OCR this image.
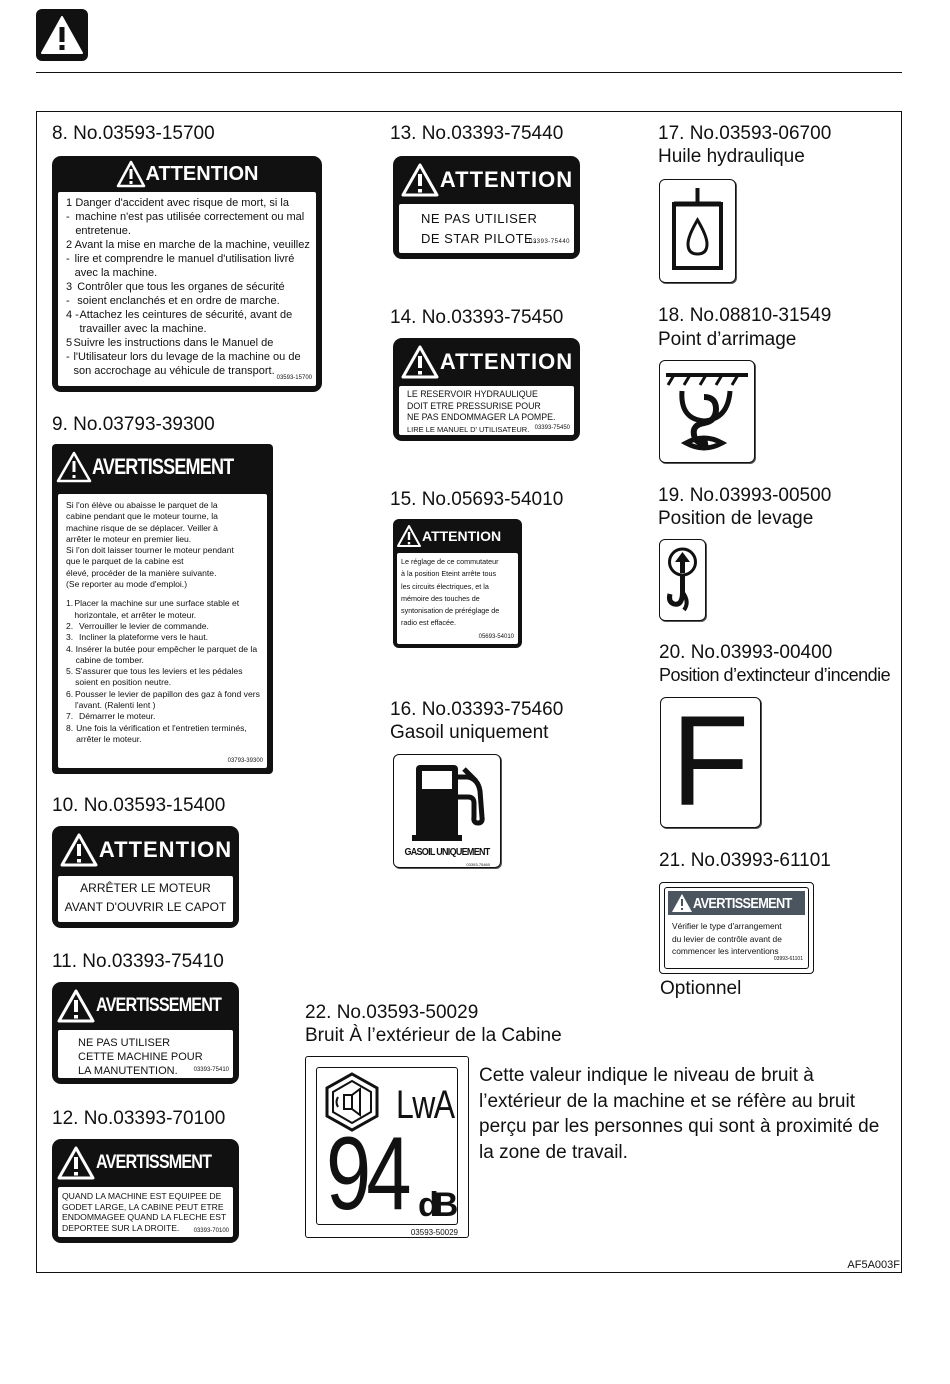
AF5A003F
8. No.03593-15700
ATTENTION
1 -
Danger d'accident avec risque de mort, si la machine n'est pas utilisée correctement ou mal entretenue.
2 -
Avant la mise en marche de la machine, veuillez lire et comprendre le manuel d'utilisation livré avec la machine.
3 -
Contrôler que tous les organes de sécurité soient enclanchés et en ordre de marche.
4 - Attachez les ceintures de sécurité, avant de travailler avec la machine.
5 -
Suivre les instructions dans le Manuel de l'Utilisateur lors du levage de la machine ou de son accrochage au véhicule de transport.
03593-15700
9. No.03793-39300
AVERTISSEMENT
Si l'on élève ou abaisse le parquet de la
cabine pendant que le moteur tourne, la
machine risque de se déplacer. Veiller à
arrêter le moteur en premier lieu.
Si l'on doit laisser tourner le moteur pendant
que le parquet de la cabine est
élevé, procéder de la manière suivante.
(Se reporter au mode d'emploi.)
1. Placer la machine sur une surface stable et horizontale, et arrêter le moteur.
2. Verrouiller le levier de commande.
3. Incliner la plateforme vers le haut.
4. Insérer la butée pour empêcher le parquet de la cabine de tomber.
5. S'assurer que tous les leviers et les pédales soient en position neutre.
6. Pousser le levier de papillon des gaz à fond vers l'avant. (Ralenti lent )
7. Démarrer le moteur.
8. Une fois la vérification et l'entretien terminés, arrêter le moteur.
03793-39300
10. No.03593-15400
ATTENTION
ARRÊTER LE MOTEUR
AVANT D'OUVRIR LE CAPOT
11. No.03393-75410
AVERTISSEMENT
NE PAS UTILISER
CETTE MACHINE POUR
LA MANUTENTION.	03393-75410
12. No.03393-70100
AVERTISSMENT
QUAND LA MACHINE EST EQUIPEE DE
GODET LARGE, LA CABINE PEUT ETRE
ENDOMMAGEE QUAND LA FLECHE EST
DEPORTEE SUR LA DROITE.	03393-70100
13. No.03393-75440
ATTENTION
NE PAS UTILISER
DE STAR PILOTE.
03393-75440
14. No.03393-75450
ATTENTION
LE RESERVOIR HYDRAULIQUE
DOIT ETRE PRESSURISE POUR
NE PAS ENDOMMAGER LA POMPE.
LIRE LE MANUEL D' UTILISATEUR. 03393-75450
15. No.05693-54010
ATTENTION
Le réglage de ce commutateur
à la position Eteint arrête tous
les circuits électriques, et la
mémoire des touches de
syntonisation de préréglage de
radio est effacée.
05693-54010
16. No.03393-75460
Gasoil uniquement
GASOIL UNIQUEMENT
03393-75460
17. No.03593-06700
Huile hydraulique
18. No.08810-31549
Point d’arrimage
19. No.03993-00500
Position de levage
20. No.03993-00400
Position d’extincteur d’incendie
F
21. No.03993-61101
AVERTISSEMENT
Vérifier le type d'arrangement
du levier de contrôle avant de
commencer les interventions
03993-61101
Optionnel
22. No.03593-50029
Bruit À l’extérieur de la Cabine
LwA
94 dB
03593-50029
Cette valeur indique le niveau de bruit à l’extérieur de la machine et se réfère au bruit perçu par les personnes qui sont à proximité de la zone de travail.
